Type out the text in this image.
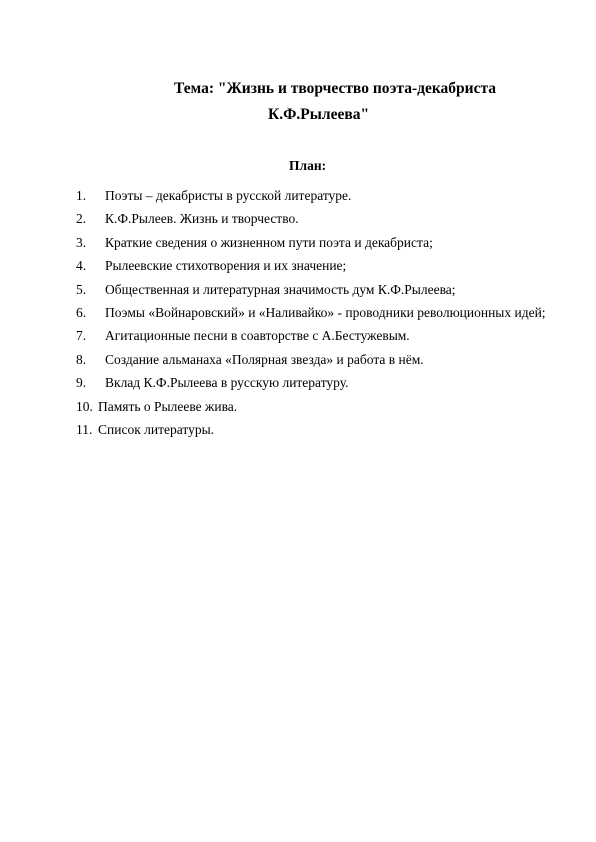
Тема: "Жизнь и творчество поэта-декабриста
К.Ф.Рылеева"
План:
1.	Поэты – декабристы в русской литературе.
2.	К.Ф.Рылеев. Жизнь и творчество.
3.	Краткие сведения о жизненном пути поэта и декабриста;
4.	Рылеевские стихотворения и их значение;
5.	Общественная и литературная значимость дум К.Ф.Рылеева;
6.	Поэмы «Войнаровский» и «Наливайко» - проводники революционных идей;
7.	Агитационные песни в соавторстве с А.Бестужевым.
8.	Создание альманаха «Полярная звезда» и работа в нём.
9.	Вклад К.Ф.Рылеева в русскую литературу.
10. Память о Рылееве жива.
11. Список литературы.
